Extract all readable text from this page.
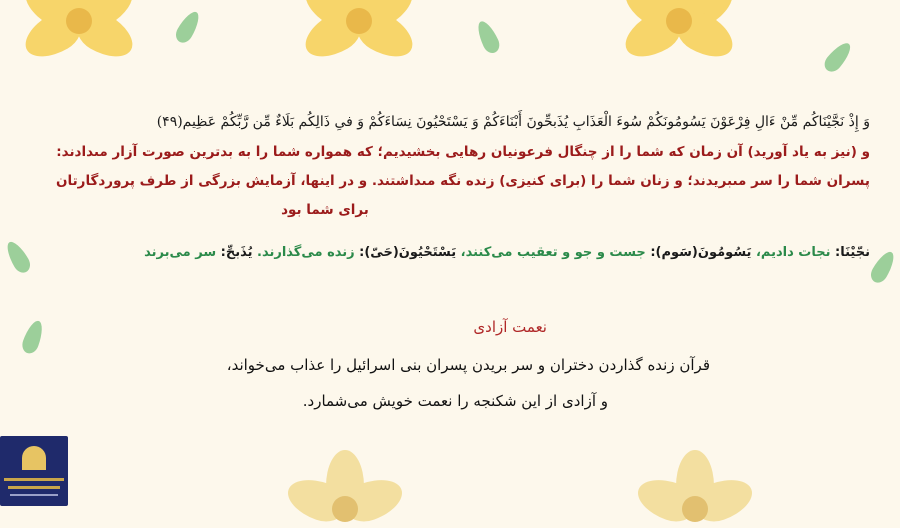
وَ إِذْ نَجَّيْنَاكُم مِّنْ ءَالِ فِرْعَوْنَ يَسُومُونَكُمْ سُوءَ الْعَذَابِ يُذَبحِّونَ أَبْنَاءَكُمْ وَ يَسْتَحْيُونَ نِسَاءَكُمْ وَ فىِ ذَالِكُم بَلَاءٌ مِّن رَّبِّكُمْ عَظِيم(۴۹)
و (نيز به ياد آوريد) آن زمان كه شما را از چنگال فرعونيان رهايى بخشيديم؛ كه همواره شما را به بدترين صورت آزار مى‏دادند:
پسران شما را سر مى‏بريدند؛ و زنان شما را (براى كنيزى) زنده نگه مى‏داشتند. و در اينها، آزمايش بزرگى از طرف پروردگارتان
براى شما بود
نجّيْنَا: نجات داديم، يَسُومُونَ(سَوم): جست و جو و تعقيب مى‌كنند، يَسْتَحْيُونَ(حَىّ): زنده مى‌گذارند. يُذَبحِّ: سر مى‌برند
نعمت آزادی
قرآن زنده گذاردن دختران و سر بریدن پسران بنی اسرائیل را عذاب می‌خواند،
و آزادی از این شکنجه را نعمت خویش می‌شمارد.
